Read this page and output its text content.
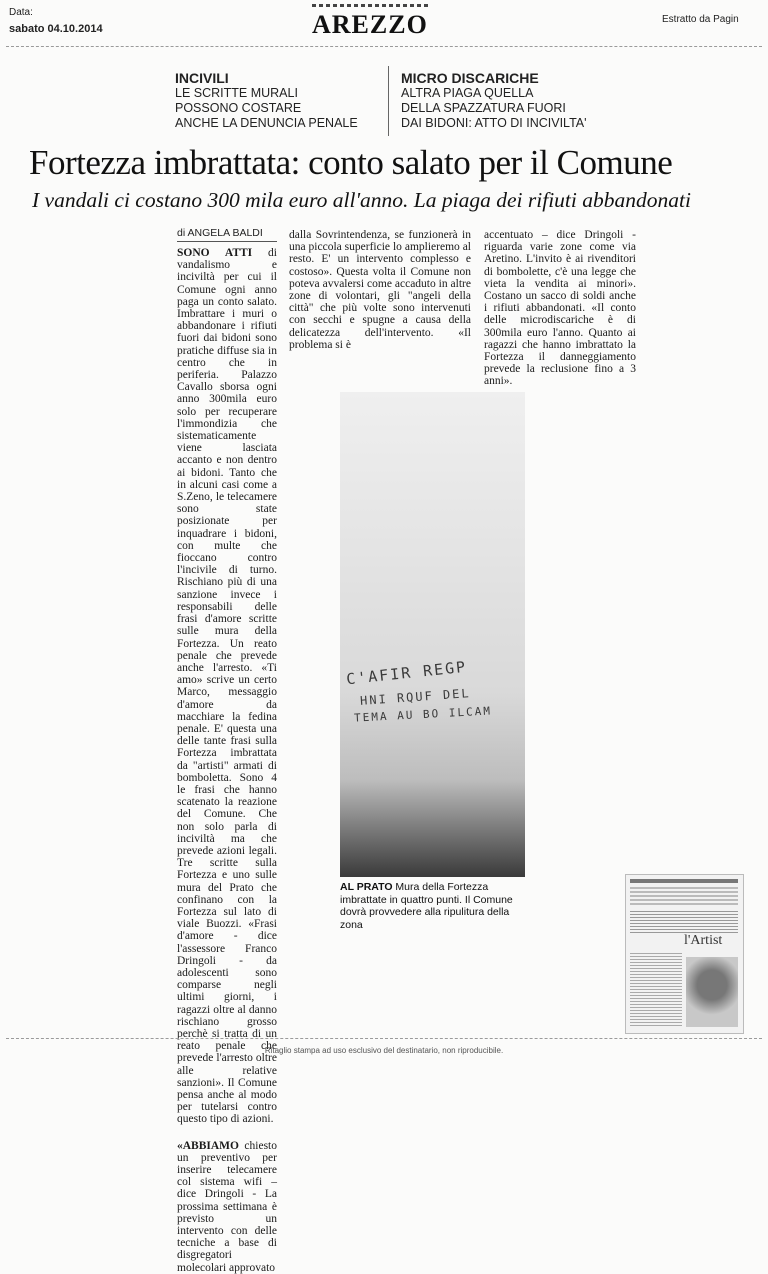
Data:
sabato 04.10.2014	AREZZO	Estratto da Pagin
INCIVILI
LE SCRITTE MURALI
POSSONO COSTARE
ANCHE LA DENUNCIA PENALE
MICRO DISCARICHE
ALTRA PIAGA QUELLA
DELLA SPAZZATURA FUORI
DAI BIDONI: ATTO DI INCIVILTA'
Fortezza imbrattata: conto salato per il Comune
I vandali ci costano 300 mila euro all'anno. La piaga dei rifiuti abbandonati
di ANGELA BALDI

SONO ATTI di vandalismo e inciviltà per cui il Comune ogni anno paga un conto salato. Imbrattare i muri o abbandonare i rifiuti fuori dai bidoni sono pratiche diffuse sia in centro che in periferia. Palazzo Cavallo sborsa ogni anno 300mila euro solo per recuperare l'immondizia che sistematicamente viene lasciata accanto e non dentro ai bidoni. Tanto che in alcuni casi come a S.Zeno, le telecamere sono state posizionate per inquadrare i bidoni, con multe che fioccano contro l'incivile di turno. Rischiano più di una sanzione invece i responsabili delle frasi d'amore scritte sulle mura della Fortezza. Un reato penale che prevede anche l'arresto. «Ti amo» scrive un certo Marco, messaggio d'amore da macchiare la fedina penale. E' questa una delle tante frasi sulla Fortezza imbrattata da "artisti" armati di bomboletta. Sono 4 le frasi che hanno scatenato la reazione del Comune. Che non solo parla di inciviltà ma che prevede azioni legali. Tre scritte sulla Fortezza e uno sulle mura del Prato che confinano con la Fortezza sul lato di viale Buozzi. «Frasi d'amore - dice l'assessore Franco Dringoli - da adolescenti sono comparse negli ultimi giorni, i ragazzi oltre al danno rischiano grosso perchè si tratta di un reato penale che prevede l'arresto oltre alle relative sanzioni». Il Comune pensa anche al modo per tutelarsi contro questo tipo di azioni.

«ABBIAMO chiesto un preventivo per inserire telecamere col sistema wifi – dice Dringoli - La prossima settimana è previsto un intervento con delle tecniche a base di disgregatori molecolari approvato

dalla Sovrintendenza, se funzionerà in una piccola superficie lo amplieremo al resto. E' un intervento complesso e costoso». Questa volta il Comune non poteva avvalersi come accaduto in altre zone di volontari, gli "angeli della città" che più volte sono intervenuti con secchi e spugne a causa della delicatezza dell'intervento. «Il problema si è

accentuato – dice Dringoli - riguarda varie zone come via Aretino. L'invito è ai rivenditori di bombolette, c'è una legge che vieta la vendita ai minori». Costano un sacco di soldi anche i rifiuti abbandonati. «Il conto delle microdiscariche è di 300mila euro l'anno. Quanto ai ragazzi che hanno imbrattato la Fortezza il danneggiamento prevede la reclusione fino a 3 anni».

C'AFIR REGP
HNI RQUF DEL
TEMA AU BO ILCAM
AL PRATO Mura della Fortezza imbrattate in quattro punti. Il Comune dovrà provvedere alla ripulitura della zona
l'Artist
Ritaglio stampa ad uso esclusivo del destinatario, non riproducibile.
